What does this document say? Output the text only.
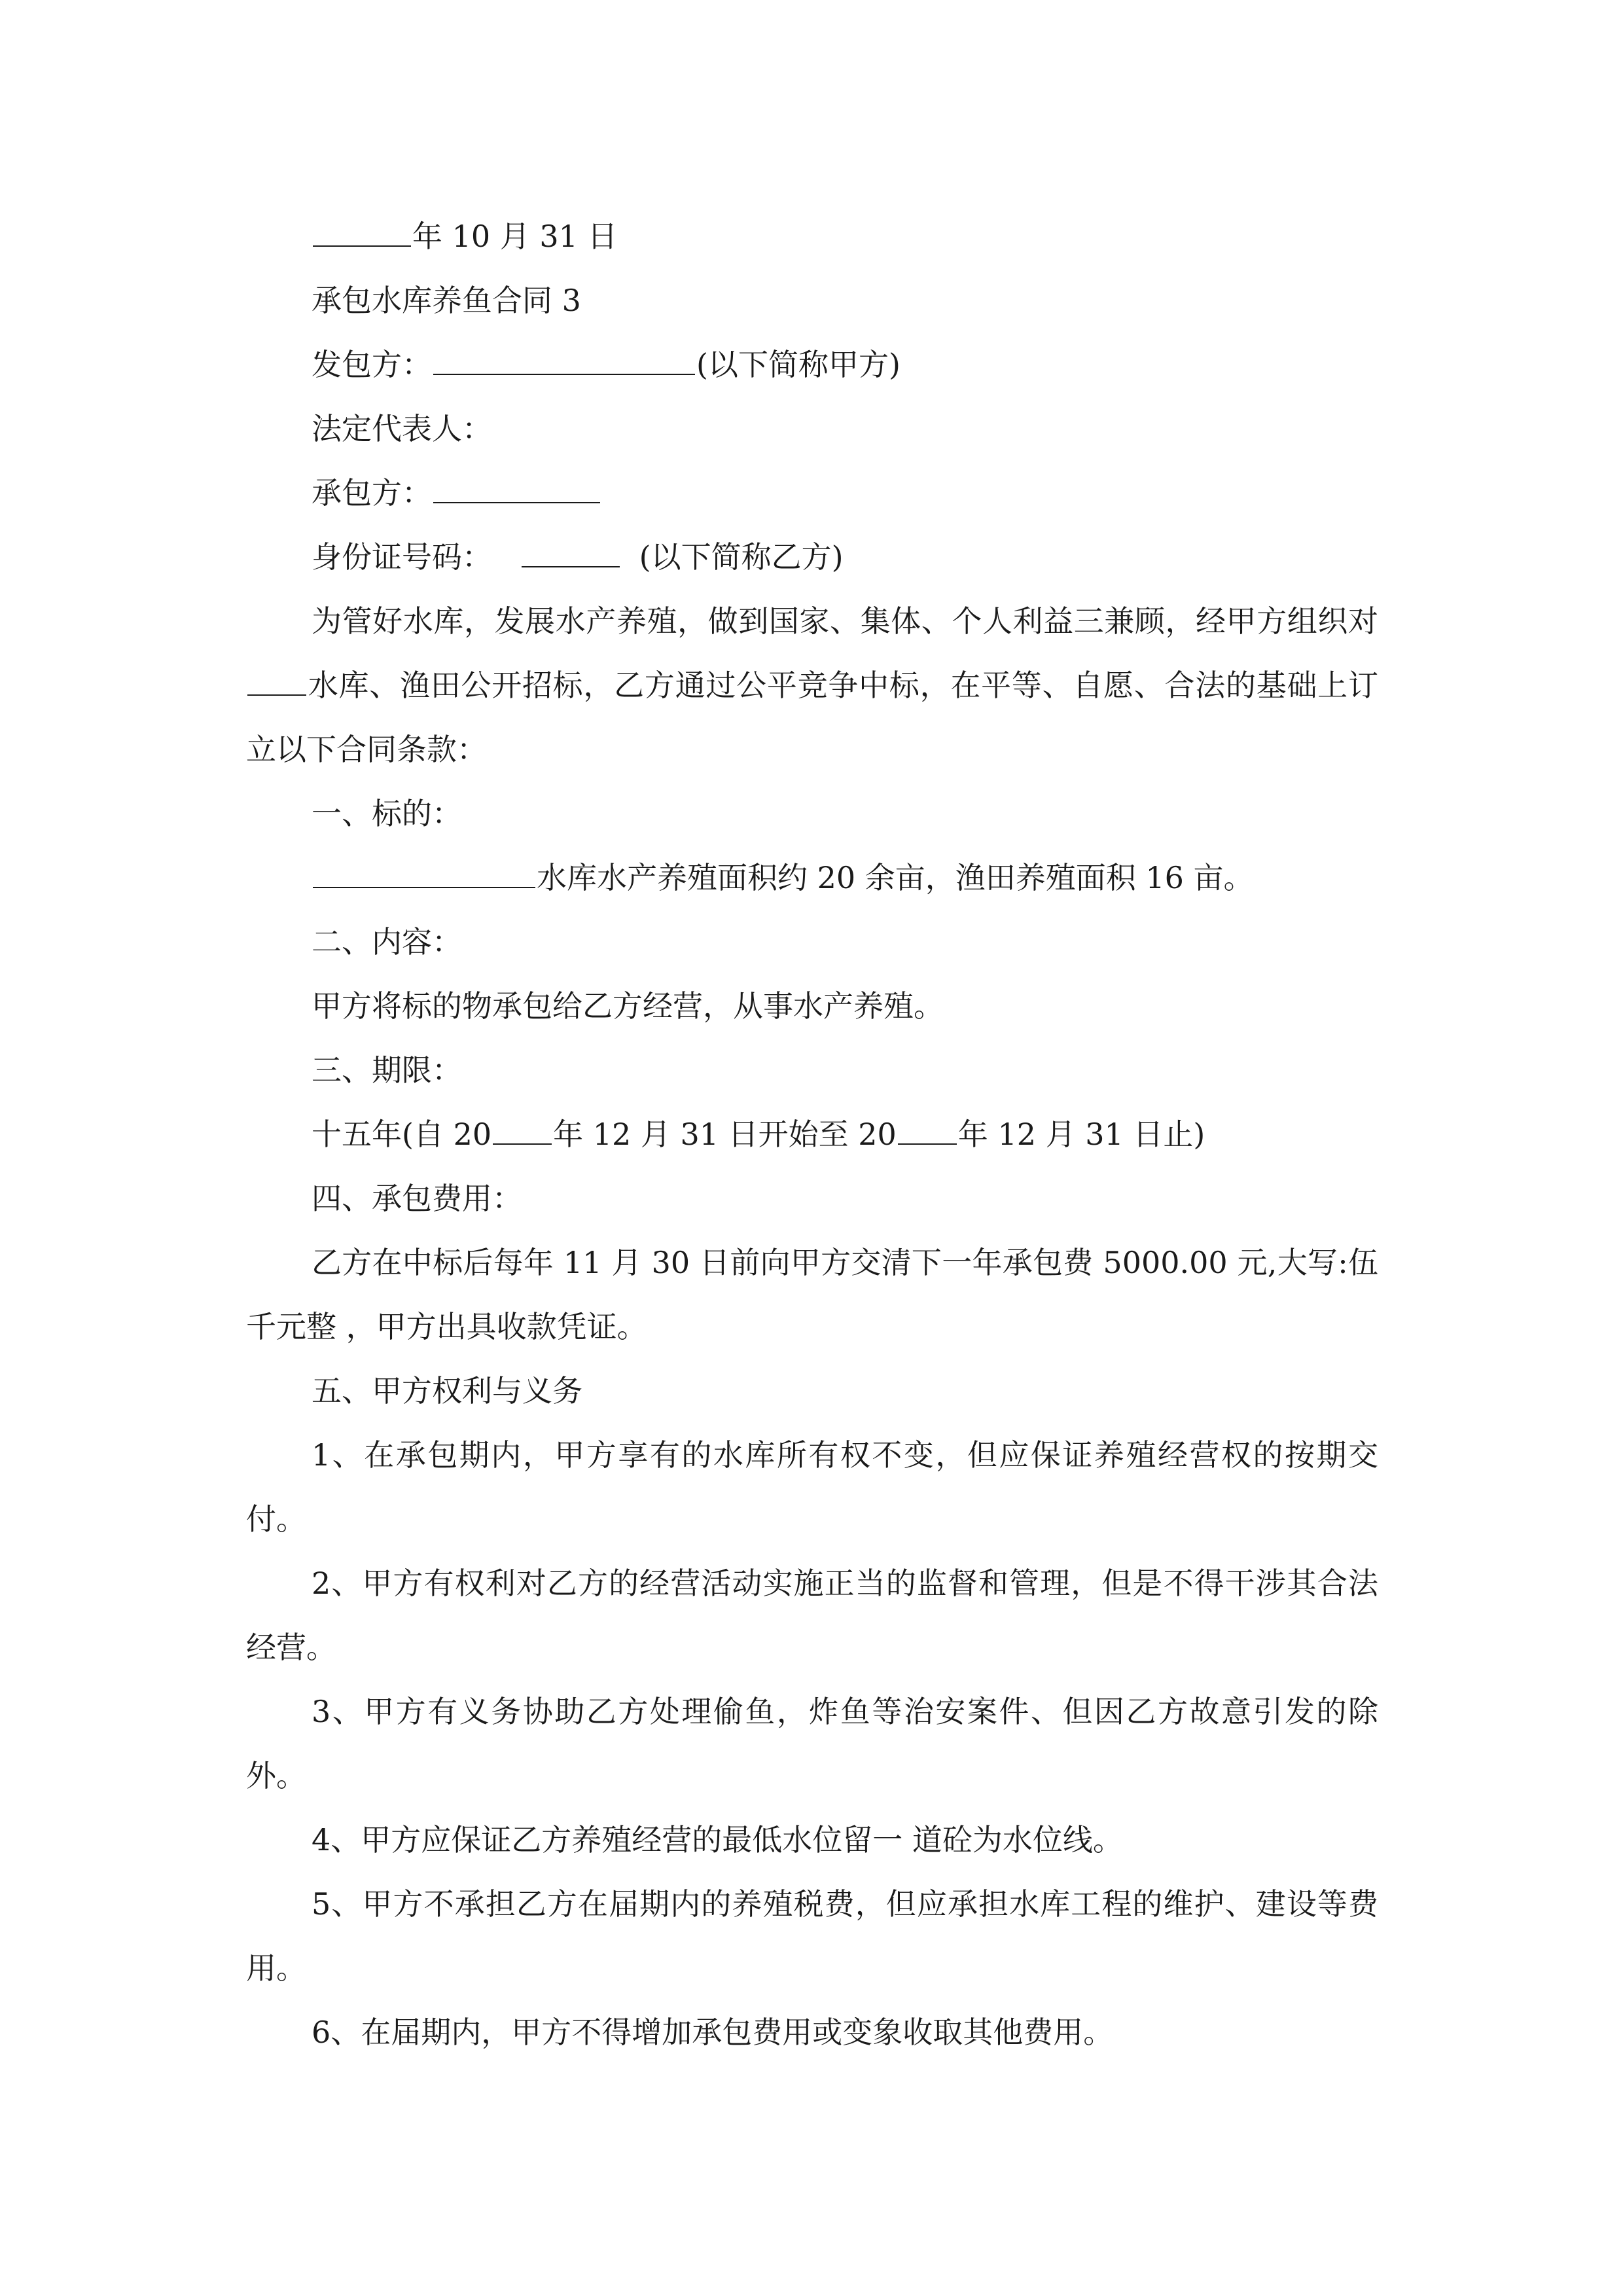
年 10 月 31 日
承包水库养鱼合同 3
发包方：	(以下简称甲方)
法定代表人：
承包方：
身份证号码：	(以下简称乙方)
为管好水库，发展水产养殖，做到国家、集体、个人利益三兼顾，经甲方组织对水库、渔田公开招标，乙方通过公平竞争中标，在平等、自愿、合法的基础上订立以下合同条款：
一、标的：
水库水产养殖面积约 20 余亩，渔田养殖面积 16 亩。
二、内容：
甲方将标的物承包给乙方经营，从事水产养殖。
三、期限：
十五年(自 20 年 12 月 31 日开始至 20 年 12 月 31 日止)
四、承包费用：
乙方在中标后每年 11 月 30 日前向甲方交清下一年承包费 5000.00 元,大写:伍千元整 ，甲方出具收款凭证。
五、甲方权利与义务
1、在承包期内，甲方享有的水库所有权不变，但应保证养殖经营权的按期交付。
2、甲方有权利对乙方的经营活动实施正当的监督和管理，但是不得干涉其合法经营。
3、甲方有义务协助乙方处理偷鱼，炸鱼等治安案件、但因乙方故意引发的除外。
4、甲方应保证乙方养殖经营的最低水位留一 道砼为水位线。
5、甲方不承担乙方在届期内的养殖税费，但应承担水库工程的维护、建设等费用。
6、在届期内，甲方不得增加承包费用或变象收取其他费用。
